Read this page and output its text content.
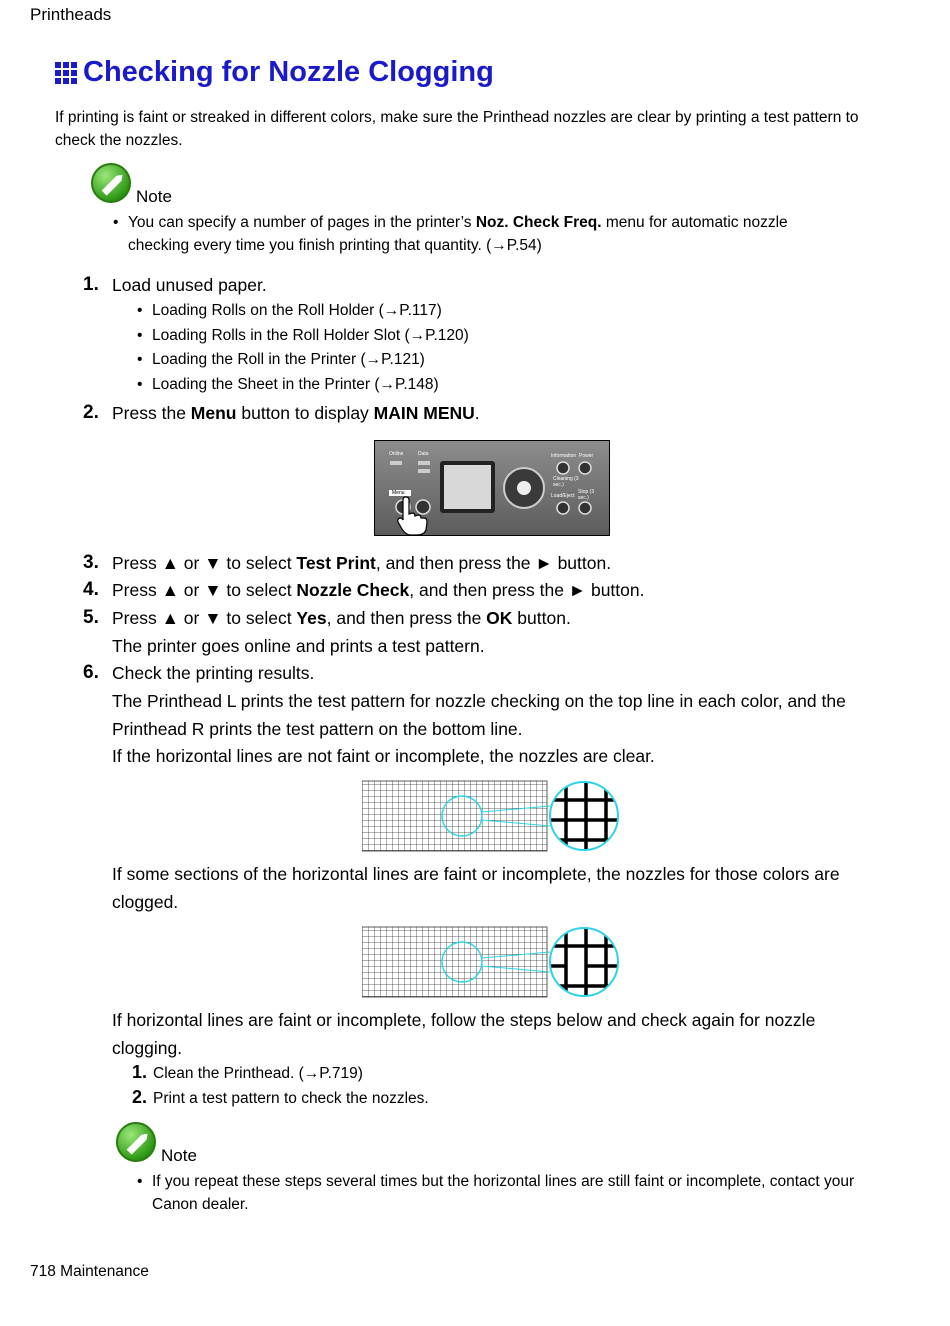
Printheads
Checking for Nozzle Clogging
If printing is faint or streaked in different colors, make sure the Printhead nozzles are clear by printing a test pattern to check the nozzles.
Note
• You can specify a number of pages in the printer’s Noz. Check Freq. menu for automatic nozzle checking every time you finish printing that quantity. (→P.54)
1. Load unused paper.
• Loading Rolls on the Roll Holder (→P.117)
• Loading Rolls in the Roll Holder Slot (→P.120)
• Loading the Roll in the Printer (→P.121)
• Loading the Sheet in the Printer (→P.148)
2. Press the Menu button to display MAIN MENU.
Online	Data
Menu
Information Power
Cleaning (3 sec.)
Load/Eject
Stop (3 sec.)
3. Press ▲ or ▼ to select Test Print, and then press the ► button.
4. Press ▲ or ▼ to select Nozzle Check, and then press the ► button.
5. Press ▲ or ▼ to select Yes, and then press the OK button.
The printer goes online and prints a test pattern.
6. Check the printing results.
The Printhead L prints the test pattern for nozzle checking on the top line in each color, and the Printhead R prints the test pattern on the bottom line.
If the horizontal lines are not faint or incomplete, the nozzles are clear.
If some sections of the horizontal lines are faint or incomplete, the nozzles for those colors are clogged.
If horizontal lines are faint or incomplete, follow the steps below and check again for nozzle clogging.
1. Clean the Printhead. (→P.719)
2. Print a test pattern to check the nozzles.
Note
• If you repeat these steps several times but the horizontal lines are still faint or incomplete, contact your Canon dealer.
718 Maintenance
